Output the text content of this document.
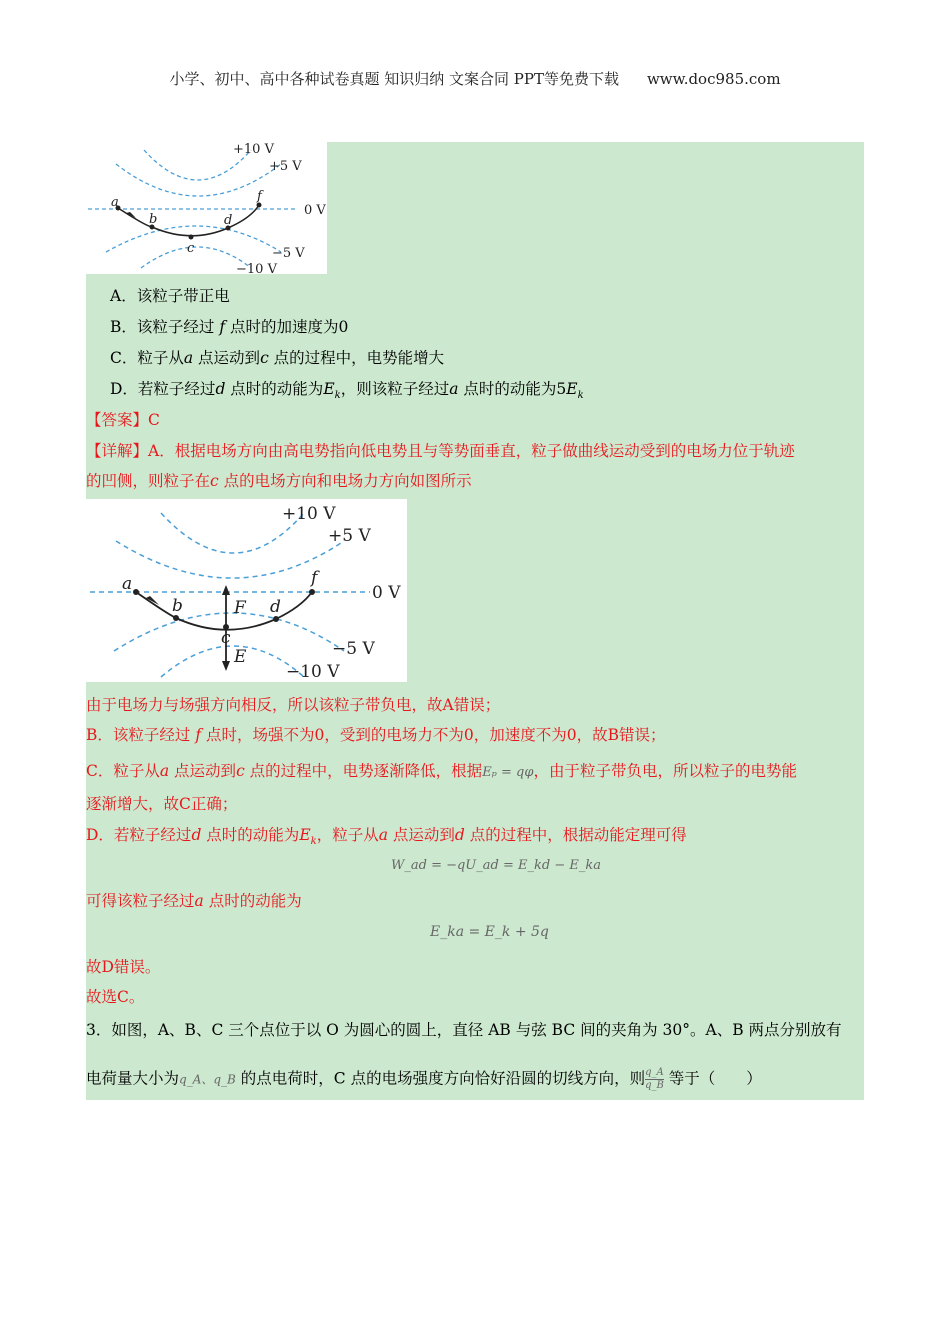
小学、初中、高中各种试卷真题 知识归纳 文案合同 PPT等免费下载 www.doc985.com
+10 V
+5 V
0 V
−5 V
−10 V
a
b
c
d
f
A．该粒子带正电
B．该粒子经过 f 点时的加速度为0
C．粒子从a 点运动到c 点的过程中，电势能增大
D．若粒子经过d 点时的动能为$E_k$，则该粒子经过a 点时的动能为$5E_k$
【答案】C
【详解】A．根据电场方向由高电势指向低电势且与等势面垂直，粒子做曲线运动受到的电场力位于轨迹
的凹侧，则粒子在c 点的电场方向和电场力方向如图所示
+10 V
+5 V
0 V
−5 V
−10 V
a
b
c
d
f
F
E
由于电场力与场强方向相反，所以该粒子带负电，故A错误；
B．该粒子经过 f 点时，场强不为0，受到的电场力不为0，加速度不为0，故B错误；
C．粒子从a 点运动到c 点的过程中，电势逐渐降低，根据Eₚ = qφ，由于粒子带负电，所以粒子的电势能
逐渐增大，故C正确；
D．若粒子经过d 点时的动能为$E_k$，粒子从a 点运动到d 点的过程中，根据动能定理可得
W_ad = −qU_ad = E_kd − E_ka
可得该粒子经过a 点时的动能为
E_ka = E_k + 5q
故D错误。
故选C。
3．如图，A、B、C 三个点位于以 O 为圆心的圆上，直径 AB 与弦 BC 间的夹角为 30°。A、B 两点分别放有
电荷量大小为q_A、q_B 的点电荷时，C 点的电场强度方向恰好沿圆的切线方向，则 $\frac{q\_A}{q\_B}$ 等于（　　）
